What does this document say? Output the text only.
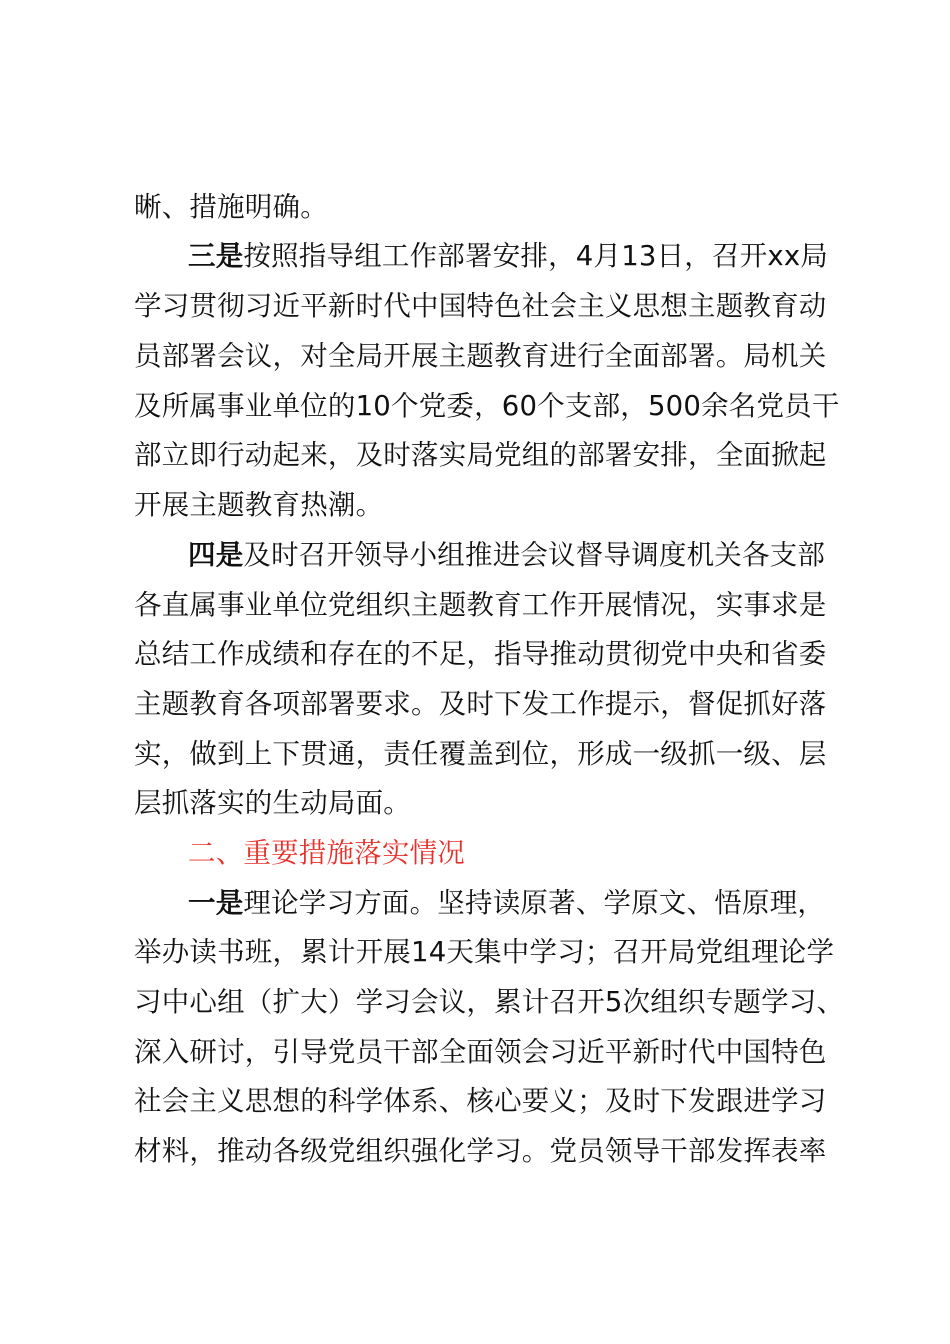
晰、措施明确。
三是按照指导组工作部署安排，4月13日，召开xx局
学习贯彻习近平新时代中国特色社会主义思想主题教育动
员部署会议，对全局开展主题教育进行全面部署。局机关
及所属事业单位的10个党委，60个支部，500余名党员干
部立即行动起来，及时落实局党组的部署安排，全面掀起
开展主题教育热潮。
四是及时召开领导小组推进会议督导调度机关各支部
各直属事业单位党组织主题教育工作开展情况，实事求是
总结工作成绩和存在的不足，指导推动贯彻党中央和省委
主题教育各项部署要求。及时下发工作提示，督促抓好落
实，做到上下贯通，责任覆盖到位，形成一级抓一级、层
层抓落实的生动局面。
二、重要措施落实情况
一是理论学习方面。坚持读原著、学原文、悟原理，
举办读书班，累计开展14天集中学习；召开局党组理论学
习中心组（扩大）学习会议，累计召开5次组织专题学习、
深入研讨，引导党员干部全面领会习近平新时代中国特色
社会主义思想的科学体系、核心要义；及时下发跟进学习
材料，推动各级党组织强化学习。党员领导干部发挥表率
